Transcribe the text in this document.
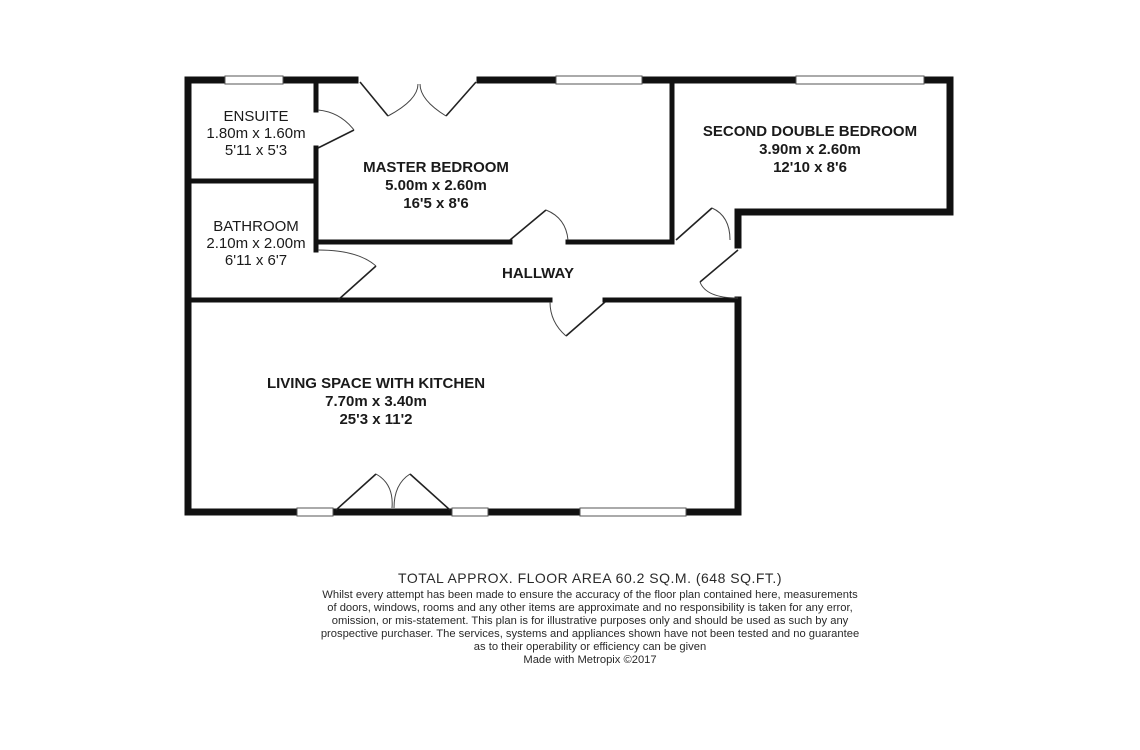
ENSUITE
1.80m x 1.60m
5'11 x 5'3
MASTER BEDROOM
5.00m x 2.60m
16'5 x 8'6
SECOND DOUBLE BEDROOM
3.90m x 2.60m
12'10 x 8'6
BATHROOM
2.10m x 2.00m
6'11 x 6'7
HALLWAY
LIVING SPACE WITH KITCHEN
7.70m x 3.40m
25'3 x 11'2
TOTAL APPROX. FLOOR AREA 60.2 SQ.M. (648 SQ.FT.)
Whilst every attempt has been made to ensure the accuracy of the floor plan contained here, measurements
of doors, windows, rooms and any other items are approximate and no responsibility is taken for any error,
omission, or mis-statement. This plan is for illustrative purposes only and should be used as such by any
prospective purchaser. The services, systems and appliances shown have not been tested and no guarantee
as to their operability or efficiency can be given
Made with Metropix ©2017
